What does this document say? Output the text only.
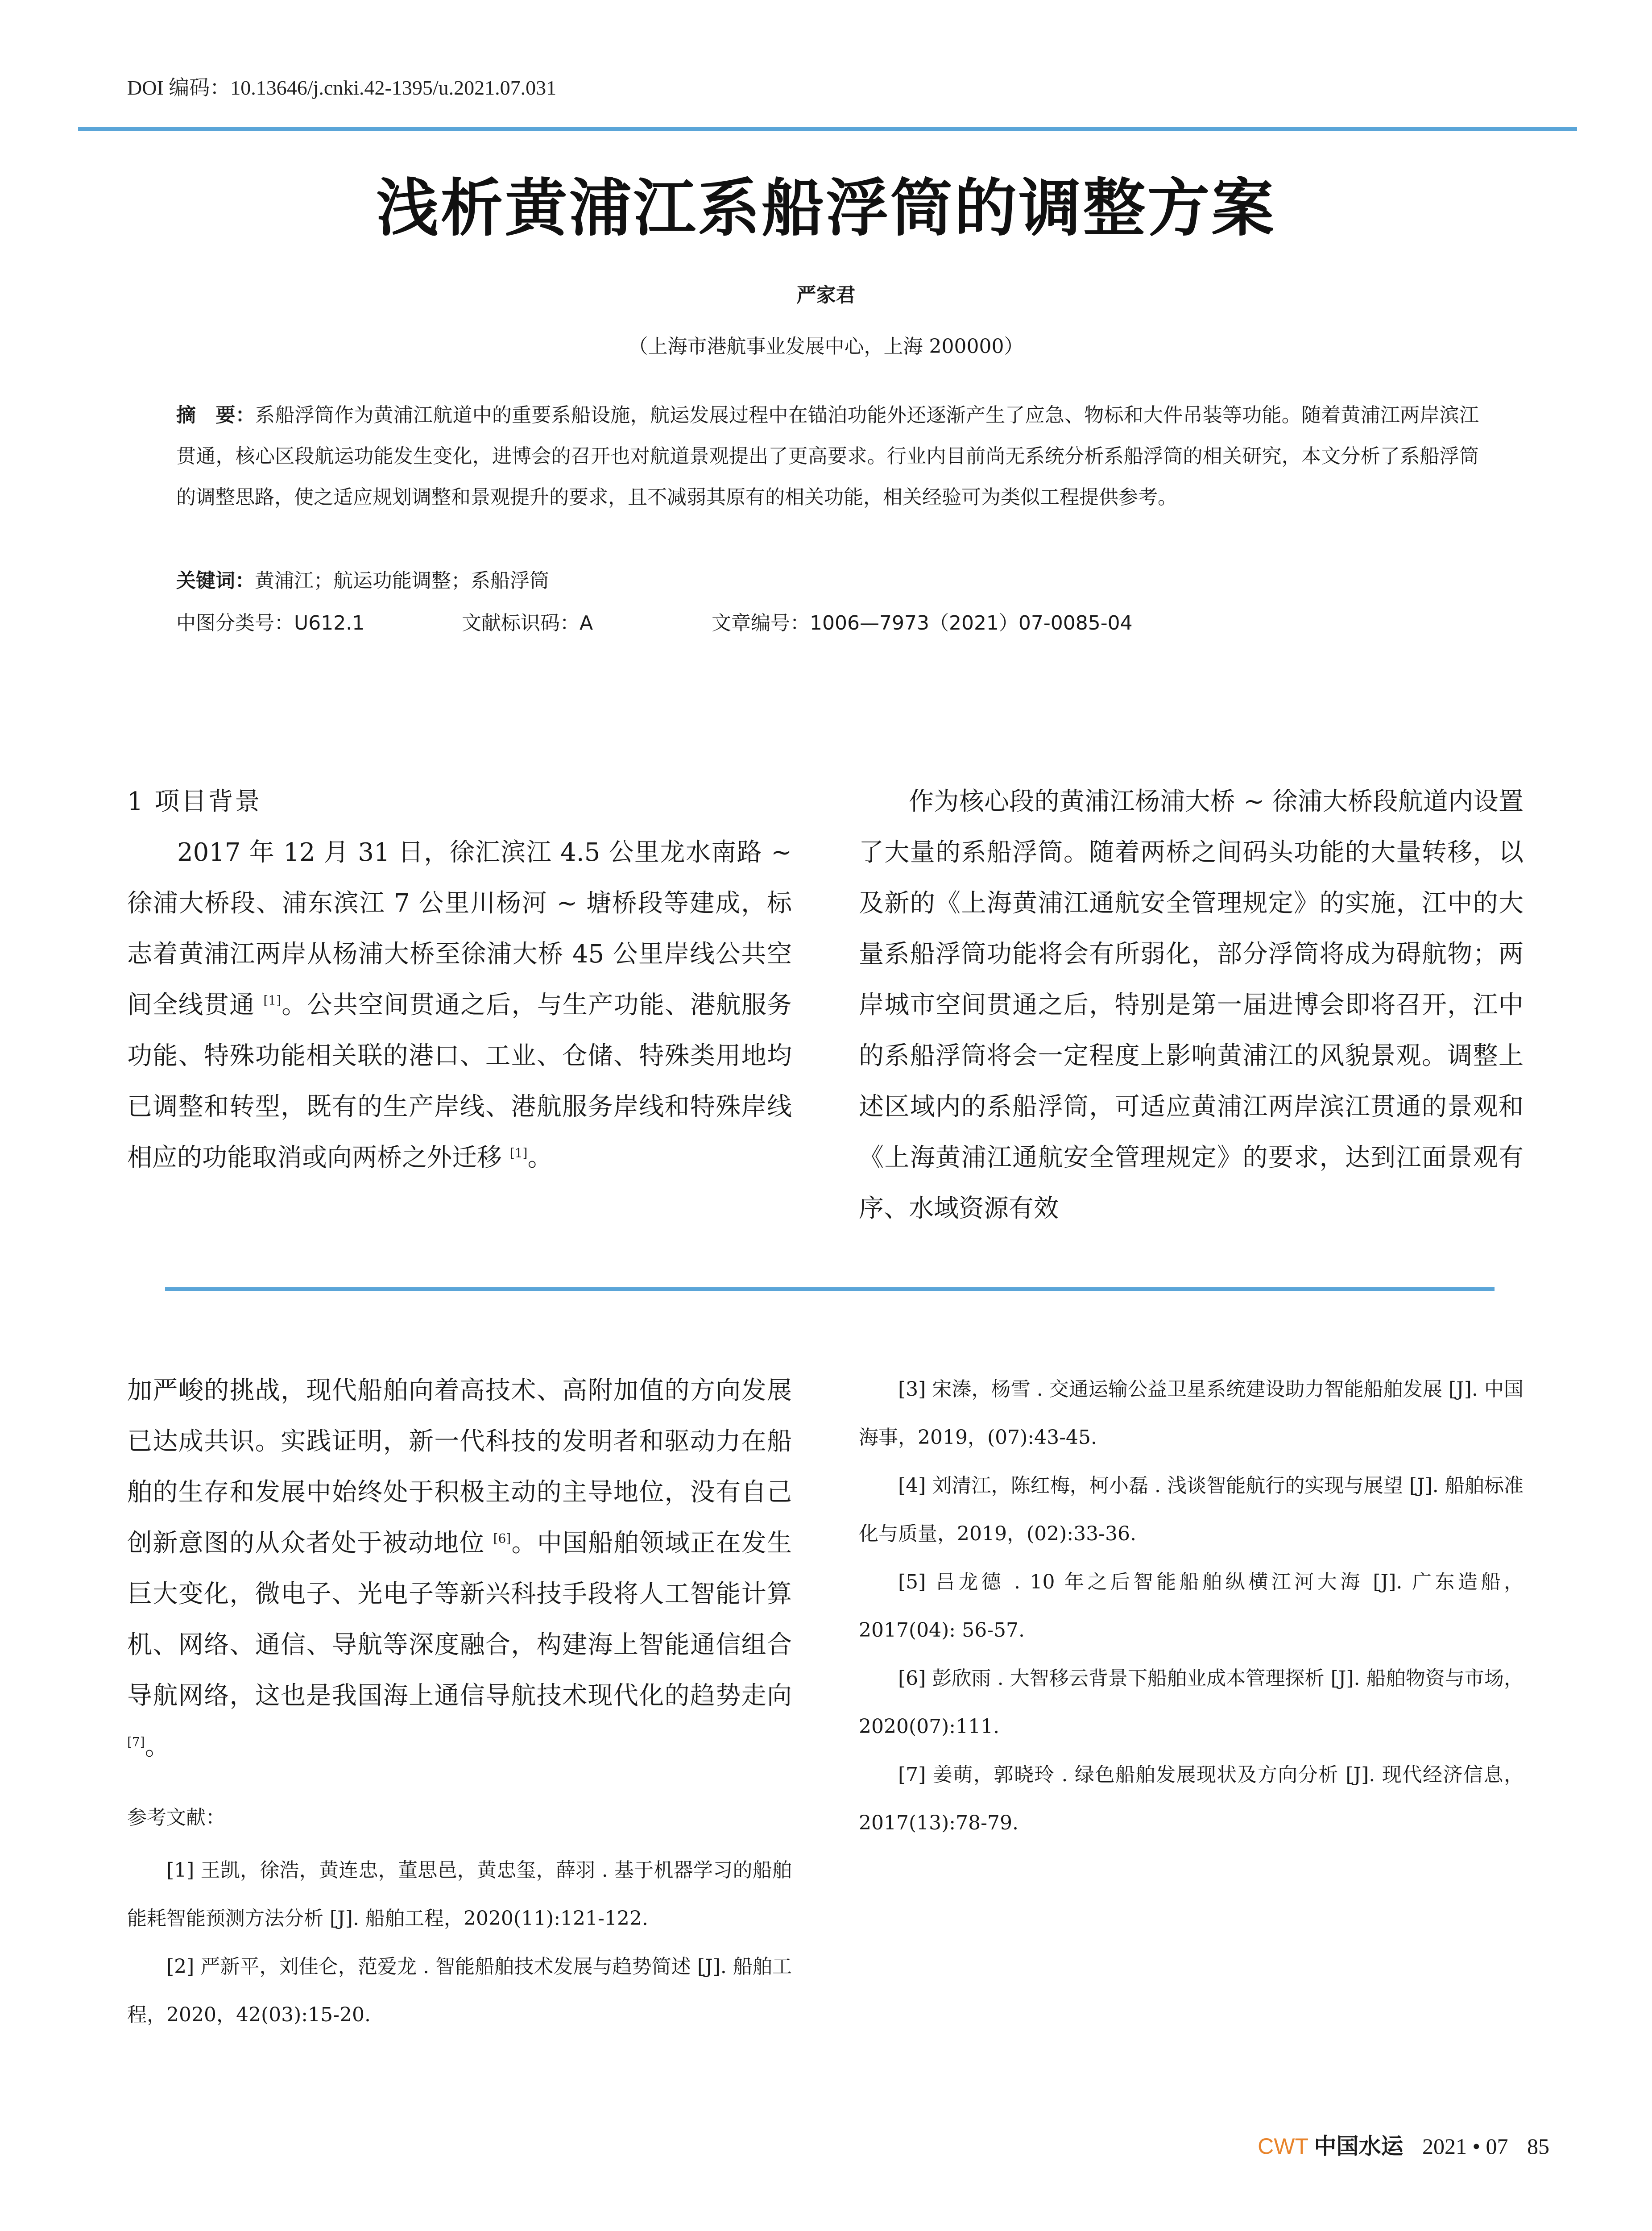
DOI 编码：10.13646/j.cnki.42-1395/u.2021.07.031
浅析黄浦江系船浮筒的调整方案
严家君
（上海市港航事业发展中心，上海 200000）
摘　要：系船浮筒作为黄浦江航道中的重要系船设施，航运发展过程中在锚泊功能外还逐渐产生了应急、物标和大件吊装等功能。随着黄浦江两岸滨江贯通，核心区段航运功能发生变化，进博会的召开也对航道景观提出了更高要求。行业内目前尚无系统分析系船浮筒的相关研究，本文分析了系船浮筒的调整思路，使之适应规划调整和景观提升的要求，且不减弱其原有的相关功能，相关经验可为类似工程提供参考。
关键词：黄浦江；航运功能调整；系船浮筒
中图分类号：U612.1	文献标识码：A	文章编号：1006—7973（2021）07-0085-04
1 项目背景

2017 年 12 月 31 日，徐汇滨江 4.5 公里龙水南路 ~ 徐浦大桥段、浦东滨江 7 公里川杨河 ~ 塘桥段等建成，标志着黄浦江两岸从杨浦大桥至徐浦大桥 45 公里岸线公共空间全线贯通 [1]。公共空间贯通之后，与生产功能、港航服务功能、特殊功能相关联的港口、工业、仓储、特殊类用地均已调整和转型，既有的生产岸线、港航服务岸线和特殊岸线相应的功能取消或向两桥之外迁移 [1]。

作为核心段的黄浦江杨浦大桥 ~ 徐浦大桥段航道内设置了大量的系船浮筒。随着两桥之间码头功能的大量转移，以及新的《上海黄浦江通航安全管理规定》的实施，江中的大量系船浮筒功能将会有所弱化，部分浮筒将成为碍航物；两岸城市空间贯通之后，特别是第一届进博会即将召开，江中的系船浮筒将会一定程度上影响黄浦江的风貌景观。调整上述区域内的系船浮筒，可适应黄浦江两岸滨江贯通的景观和《上海黄浦江通航安全管理规定》的要求，达到江面景观有序、水域资源有效

加严峻的挑战，现代船舶向着高技术、高附加值的方向发展已达成共识。实践证明，新一代科技的发明者和驱动力在船舶的生存和发展中始终处于积极主动的主导地位，没有自己创新意图的从众者处于被动地位 [6]。中国船舶领域正在发生巨大变化，微电子、光电子等新兴科技手段将人工智能计算机、网络、通信、导航等深度融合，构建海上智能通信组合导航网络，这也是我国海上通信导航技术现代化的趋势走向 [7]。

参考文献：

[1] 王凯，徐浩，黄连忠，董思邑，黄忠玺，薛羽 . 基于机器学习的船舶能耗智能预测方法分析 [J]. 船舶工程，2020(11):121-122.

[2] 严新平，刘佳仑，范爱龙 . 智能船舶技术发展与趋势简述 [J]. 船舶工程，2020，42(03):15-20.

[3] 宋溱，杨雪 . 交通运输公益卫星系统建设助力智能船舶发展 [J]. 中国海事，2019，(07):43-45.

[4] 刘清江，陈红梅，柯小磊 . 浅谈智能航行的实现与展望 [J]. 船舶标准化与质量，2019，(02):33-36.

[5] 吕龙德 . 10 年之后智能船舶纵横江河大海 [J]. 广东造船，2017(04): 56-57.

[6] 彭欣雨 . 大智移云背景下船舶业成本管理探析 [J]. 船舶物资与市场，2020(07):111.

[7] 姜萌，郭晓玲 . 绿色船舶发展现状及方向分析 [J]. 现代经济信息，2017(13):78-79.

CWT 中国水运 2021 • 07 85
